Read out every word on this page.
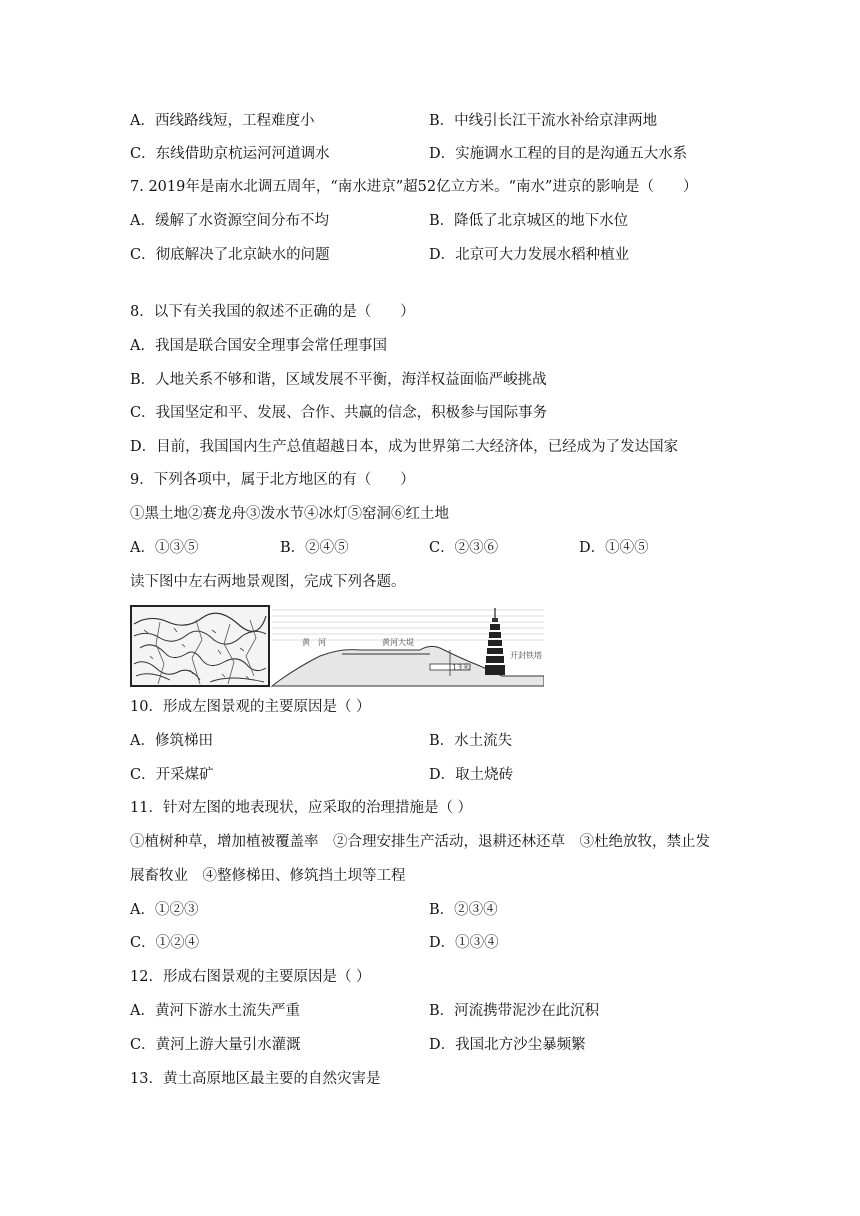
A．西线路线短，工程难度小	B．中线引长江干流水补给京津两地
C．东线借助京杭运河河道调水	D．实施调水工程的目的是沟通五大水系
7. 2019年是南水北调五周年，“南水进京”超52亿立方米。“南水”进京的影响是（　　）
A．缓解了水资源空间分布不均	B．降低了北京城区的地下水位
C．彻底解决了北京缺水的问题	D．北京可大力发展水稻种植业
8．以下有关我国的叙述不正确的是（　　）
A．我国是联合国安全理事会常任理事国
B．人地关系不够和谐，区域发展不平衡，海洋权益面临严峻挑战
C．我国坚定和平、发展、合作、共赢的信念，积极参与国际事务
D．目前，我国国内生产总值超越日本，成为世界第二大经济体，已经成为了发达国家
9．下列各项中，属于北方地区的有（　　）
①黑土地②赛龙舟③泼水节④冰灯⑤窑洞⑥红土地
A．①③⑤	B．②④⑤	C．②③⑥	D．①④⑤
读下图中左右两地景观图，完成下列各题。
黄　河	黄河大堤
13米
开封铁塔
10．形成左图景观的主要原因是（ ）
A．修筑梯田	B．水土流失
C．开采煤矿	D．取土烧砖
11．针对左图的地表现状，应采取的治理措施是（ ）
①植树种草，增加植被覆盖率　②合理安排生产活动，退耕还林还草　③杜绝放牧，禁止发
展畜牧业　④整修梯田、修筑挡土坝等工程
A．①②③	B．②③④
C．①②④	D．①③④
12．形成右图景观的主要原因是（ ）
A．黄河下游水土流失严重	B．河流携带泥沙在此沉积
C．黄河上游大量引水灌溉	D．我国北方沙尘暴频繁
13．黄土高原地区最主要的自然灾害是
